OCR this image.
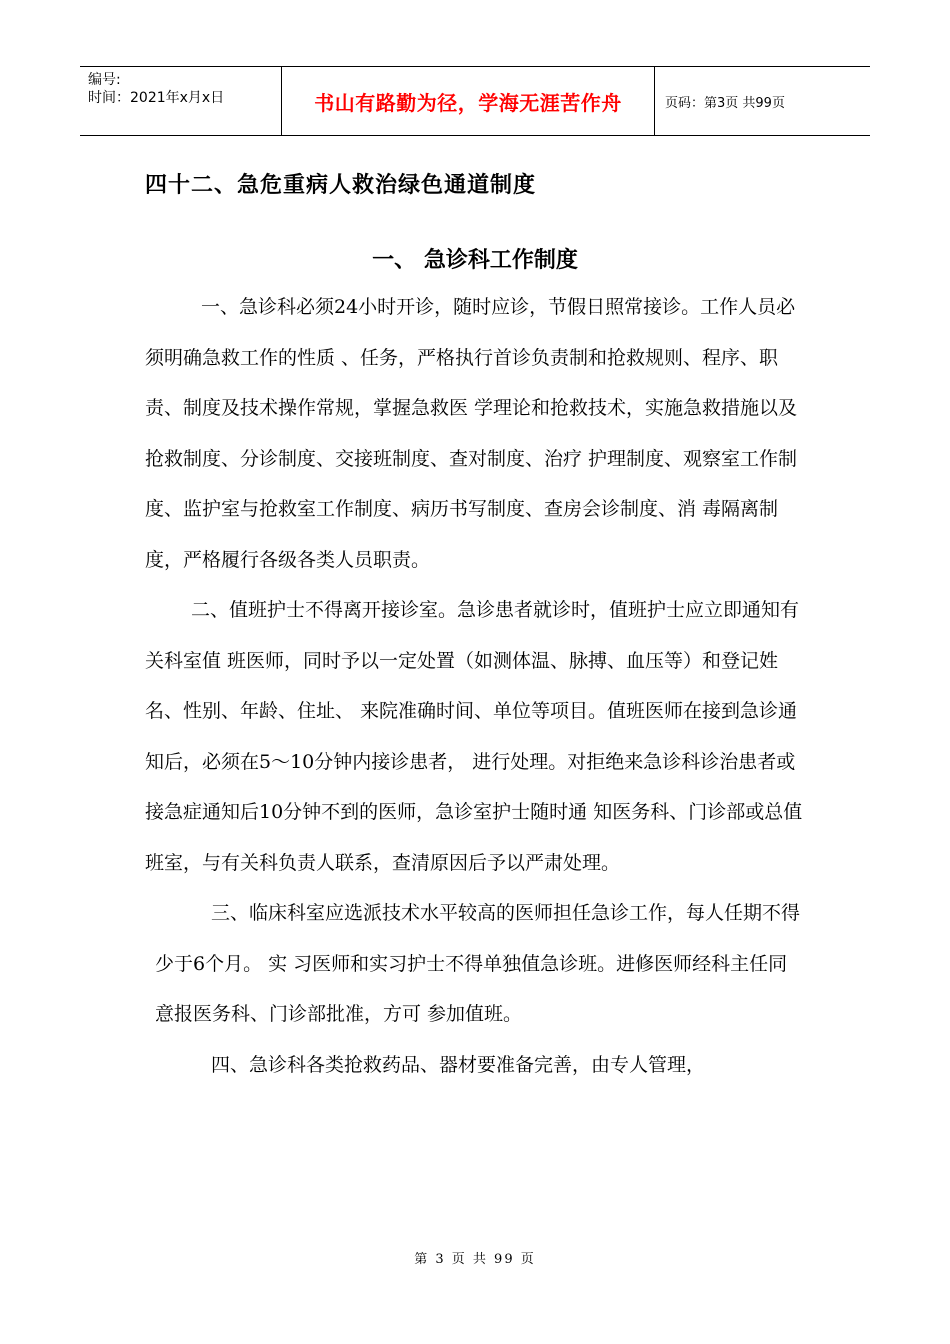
编号:
时间：2021年x月x日	书山有路勤为径，学海无涯苦作舟	页码：第3页 共99页
四十二、急危重病人救治绿色通道制度
一、 急诊科工作制度

一、急诊科必须24小时开诊，随时应诊，节假日照常接诊。工作人员必须明确急救工作的性质 、任务，严格执行首诊负责制和抢救规则、程序、职责、制度及技术操作常规，掌握急救医 学理论和抢救技术，实施急救措施以及抢救制度、分诊制度、交接班制度、查对制度、治疗 护理制度、观察室工作制度、监护室与抢救室工作制度、病历书写制度、查房会诊制度、消 毒隔离制度，严格履行各级各类人员职责。

二、值班护士不得离开接诊室。急诊患者就诊时，值班护士应立即通知有关科室值 班医师，同时予以一定处置（如测体温、脉搏、血压等）和登记姓名、性别、年龄、住址、 来院准确时间、单位等项目。值班医师在接到急诊通知后，必须在5～10分钟内接诊患者， 进行处理。对拒绝来急诊科诊治患者或接急症通知后10分钟不到的医师，急诊室护士随时通 知医务科、门诊部或总值班室，与有关科负责人联系，查清原因后予以严肃处理。

三、临床科室应选派技术水平较高的医师担任急诊工作，每人任期不得少于6个月。 实 习医师和实习护士不得单独值急诊班。进修医师经科主任同意报医务科、门诊部批准，方可 参加值班。

四、急诊科各类抢救药品、器材要准备完善，由专人管理，

第 3 页 共 99 页
